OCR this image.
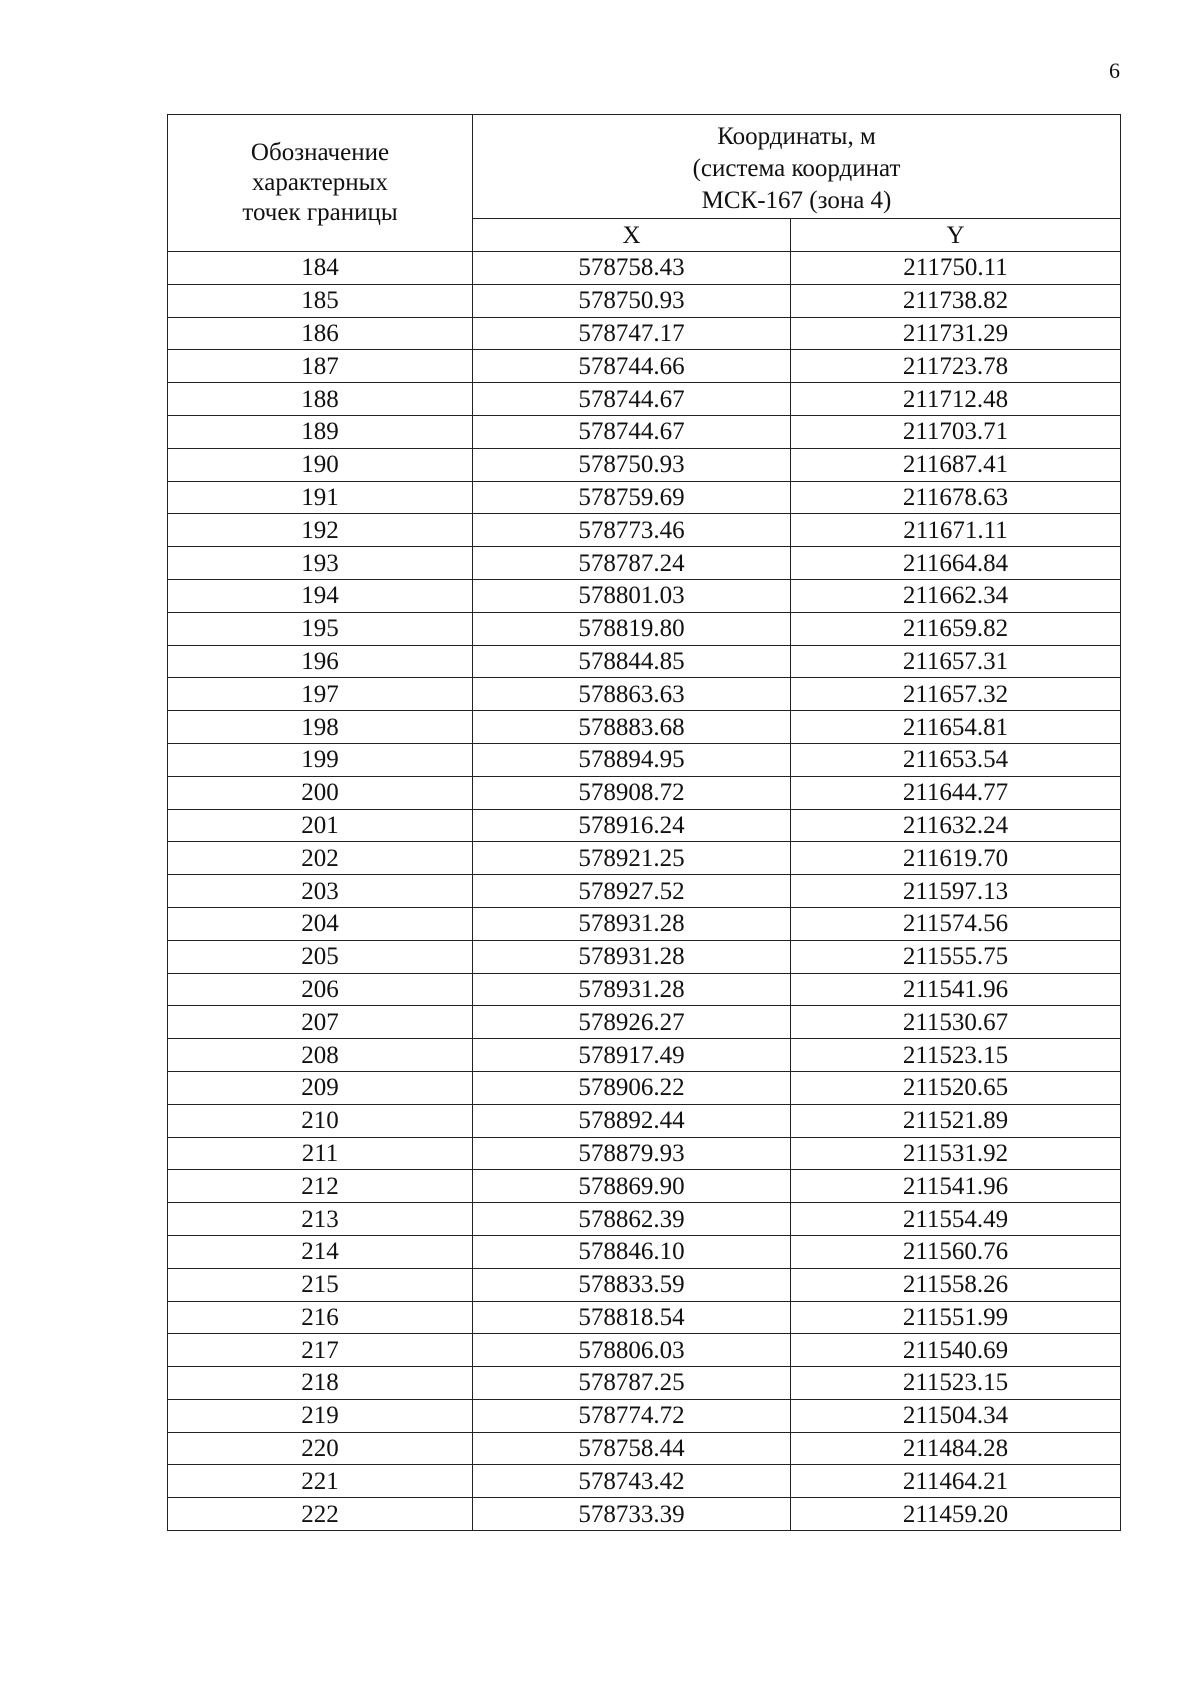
6
Обозначение
характерных
точек границы	Координаты, м
(система координат
МСК-167 (зона 4)	

	X	Y
184	578758.43	211750.11
185	578750.93	211738.82
186	578747.17	211731.29
187	578744.66	211723.78
188	578744.67	211712.48
189	578744.67	211703.71
190	578750.93	211687.41
191	578759.69	211678.63
192	578773.46	211671.11
193	578787.24	211664.84
194	578801.03	211662.34
195	578819.80	211659.82
196	578844.85	211657.31
197	578863.63	211657.32
198	578883.68	211654.81
199	578894.95	211653.54
200	578908.72	211644.77
201	578916.24	211632.24
202	578921.25	211619.70
203	578927.52	211597.13
204	578931.28	211574.56
205	578931.28	211555.75
206	578931.28	211541.96
207	578926.27	211530.67
208	578917.49	211523.15
209	578906.22	211520.65
210	578892.44	211521.89
211	578879.93	211531.92
212	578869.90	211541.96
213	578862.39	211554.49
214	578846.10	211560.76
215	578833.59	211558.26
216	578818.54	211551.99
217	578806.03	211540.69
218	578787.25	211523.15
219	578774.72	211504.34
220	578758.44	211484.28
221	578743.42	211464.21
222	578733.39	211459.20
